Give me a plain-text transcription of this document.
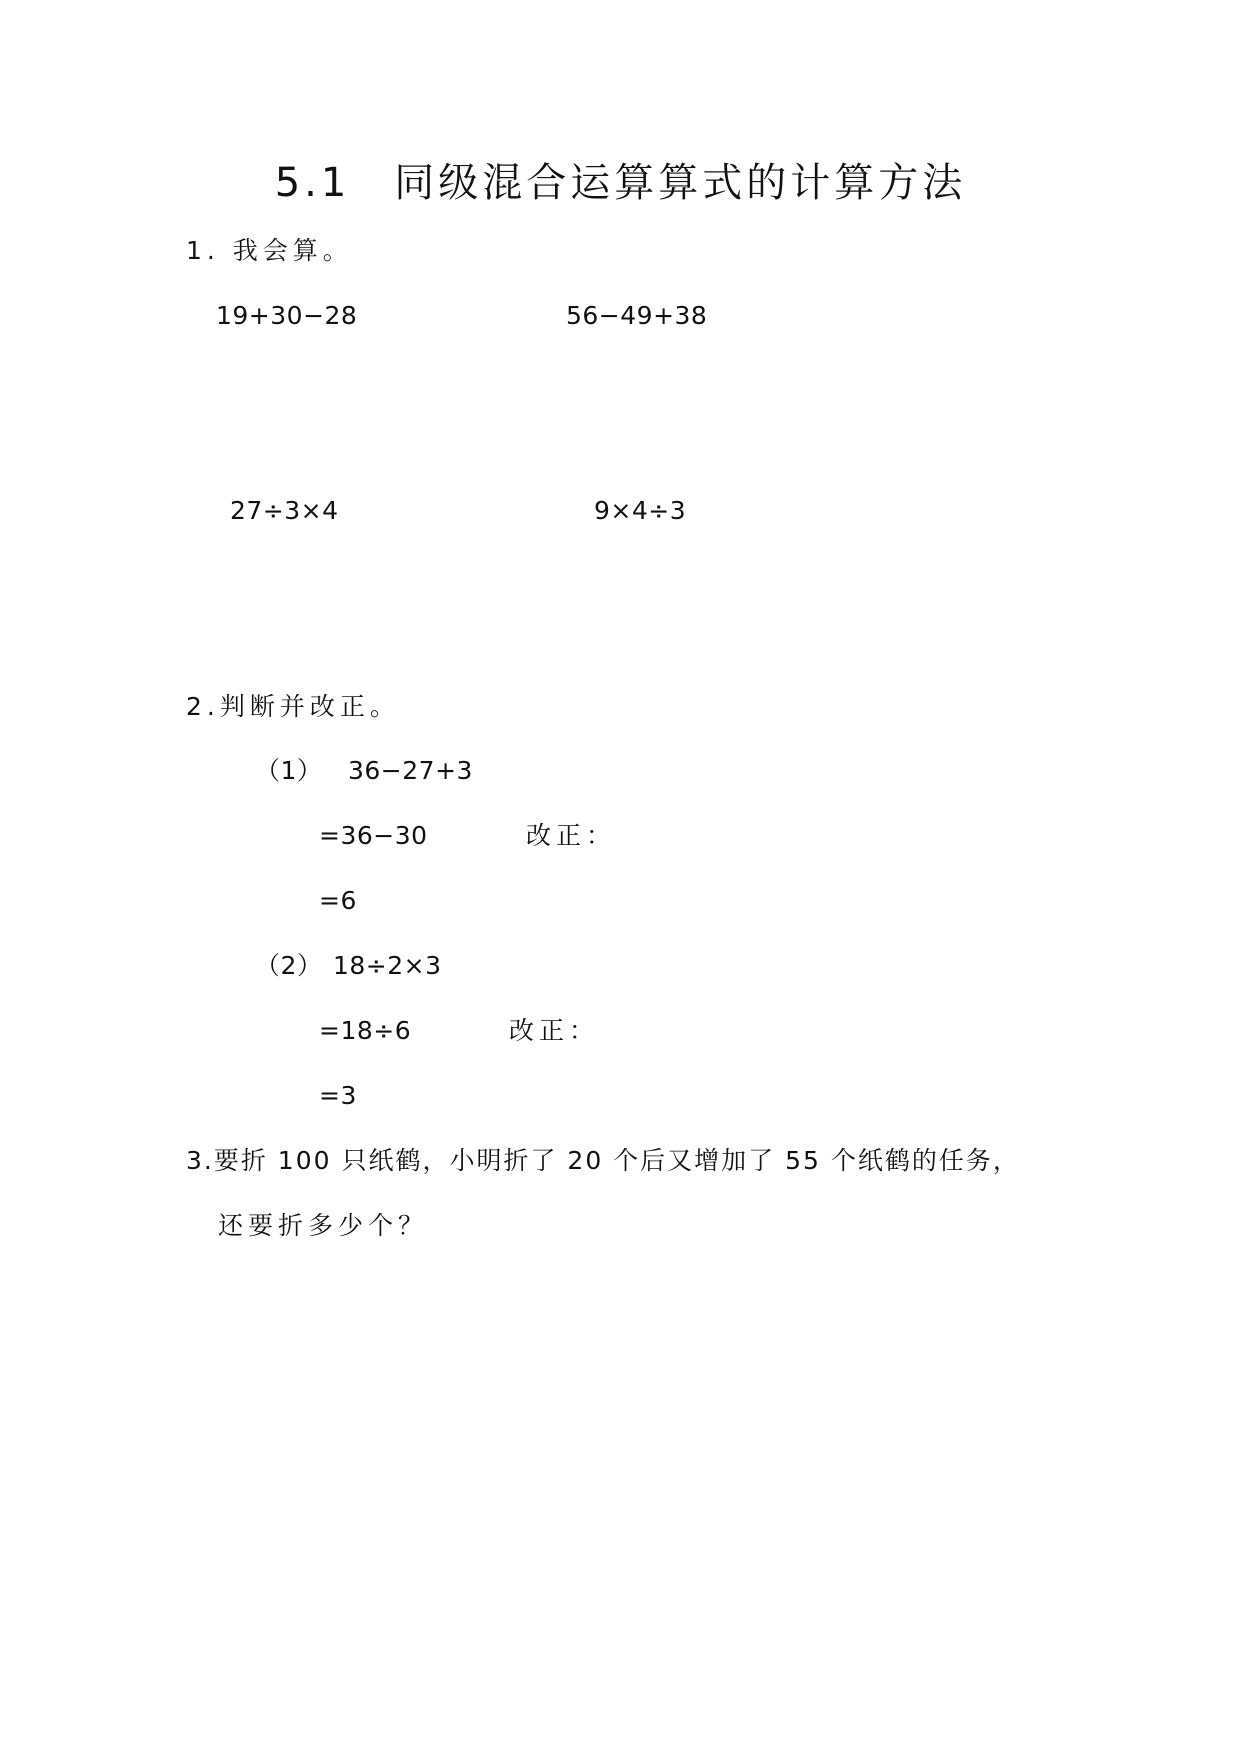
5.1　同级混合运算算式的计算方法
1. 我会算。
19+30−28	56−49+38
27÷3×4	9×4÷3
2.判断并改正。
（1） 36−27+3
=36−30	改正：
=6
（2） 18÷2×3
=18÷6	改正：
=3
3.要折 100 只纸鹤，小明折了 20 个后又增加了 55 个纸鹤的任务，
还要折多少个？
